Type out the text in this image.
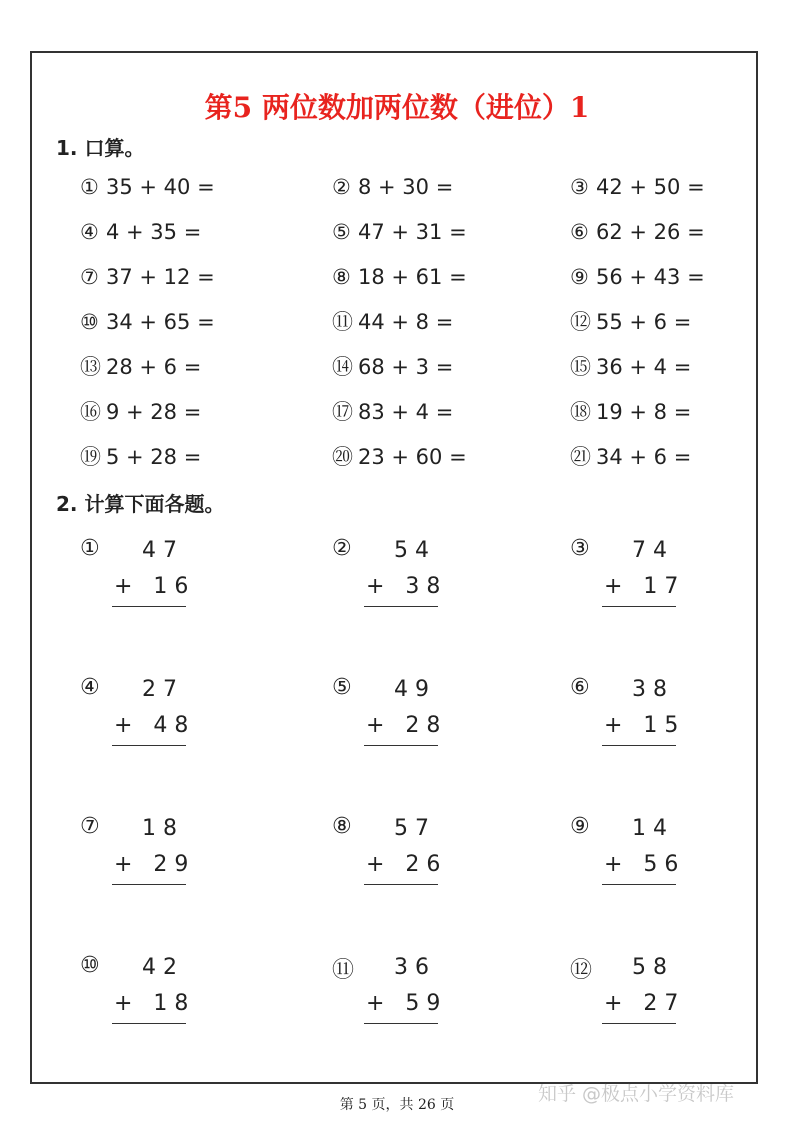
第5 两位数加两位数（进位）1
1. 口算。
① 35 + 40 =	② 8 + 30 =	③ 42 + 50 =
④ 4 + 35 =	⑤ 47 + 31 =	⑥ 62 + 26 =
⑦ 37 + 12 =	⑧ 18 + 61 =	⑨ 56 + 43 =
⑩ 34 + 65 =	⑪ 44 + 8 =	⑫ 55 + 6 =
⑬ 28 + 6 =	⑭ 68 + 3 =	⑮ 36 + 4 =
⑯ 9 + 28 =	⑰ 83 + 4 =	⑱ 19 + 8 =
⑲ 5 + 28 =	⑳ 23 + 60 =	㉑ 34 + 6 =
2. 计算下面各题。
① 47
+ 16
② 54
+ 38
③ 74
+ 17
④ 27
+ 48
⑤ 49
+ 28
⑥ 38
+ 15
⑦ 18
+ 29
⑧ 57
+ 26
⑨ 14
+ 56
⑩ 42
+ 18
⑪ 36
+ 59
⑫ 58
+ 27
第 5 页，共 26 页	知乎 @极点小学资料库
